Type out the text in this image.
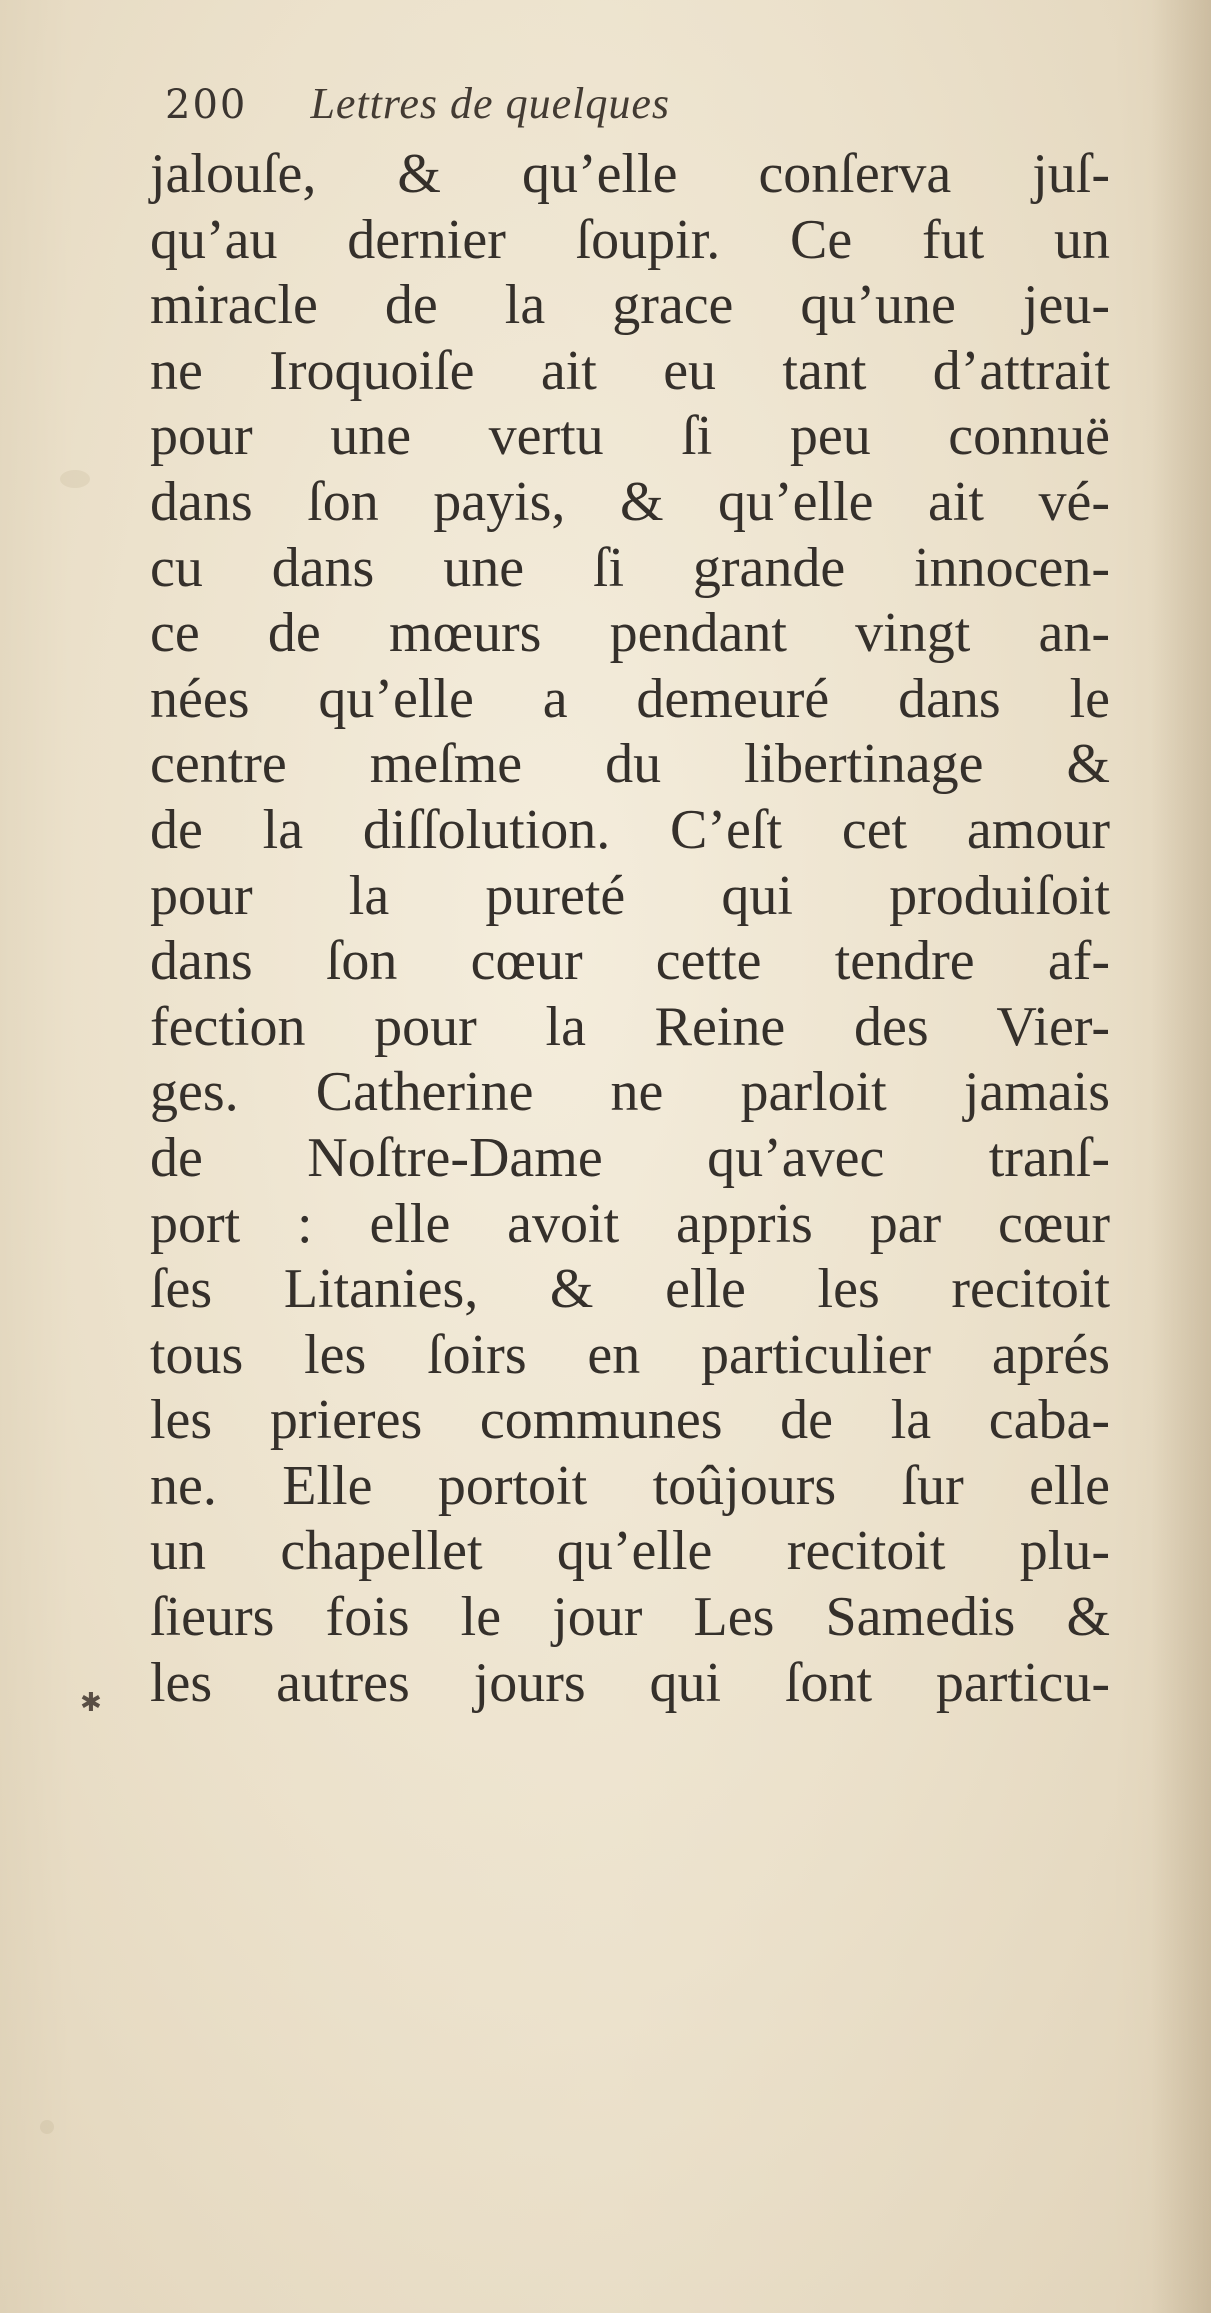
200 Lettres de quelques
jalouſe, & qu’elle conſerva juſ-
qu’au dernier ſoupir. Ce fut un
miracle de la grace qu’une jeu-
ne Iroquoiſe ait eu tant d’attrait
pour une vertu ſi peu connuë
dans ſon payis, & qu’elle ait vé-
cu dans une ſi grande innocen-
ce de mœurs pendant vingt an-
nées qu’elle a demeuré dans le
centre meſme du libertinage &
de la diſſolution. C’eſt cet amour
pour la pureté qui produiſoit
dans ſon cœur cette tendre af-
fection pour la Reine des Vier-
ges. Catherine ne parloit jamais
de Noſtre-Dame qu’avec tranſ-
port : elle avoit appris par cœur
ſes Litanies, & elle les recitoit
tous les ſoirs en particulier aprés
les prieres communes de la caba-
ne. Elle portoit toûjours ſur elle
un chapellet qu’elle recitoit plu-
ſieurs fois le jour Les Samedis &
les autres jours qui ſont particu-
✱
